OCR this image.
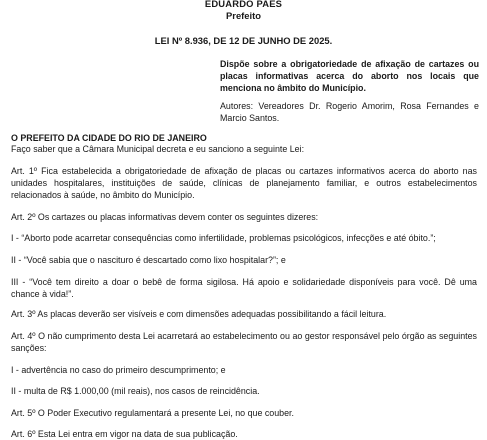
EDUARDO PAES
Prefeito
LEI Nº 8.936, DE 12 DE JUNHO DE 2025.
Dispõe sobre a obrigatoriedade de afixação de cartazes ou placas informativas acerca do aborto nos locais que menciona no âmbito do Município.
Autores: Vereadores Dr. Rogerio Amorim, Rosa Fernandes e Marcio Santos.

O PREFEITO DA CIDADE DO RIO DE JANEIRO

Faço saber que a Câmara Municipal decreta e eu sanciono a seguinte Lei:

Art. 1º Fica estabelecida a obrigatoriedade de afixação de placas ou cartazes informativos acerca do aborto nas unidades hospitalares, instituições de saúde, clínicas de planejamento familiar, e outros estabelecimentos relacionados à saúde, no âmbito do Município.

Art. 2º Os cartazes ou placas informativas devem conter os seguintes dizeres:

I - “Aborto pode acarretar consequências como infertilidade, problemas psicológicos, infecções e até óbito.”;

II - “Você sabia que o nascituro é descartado como lixo hospitalar?”; e

III - “Você tem direito a doar o bebê de forma sigilosa. Há apoio e solidariedade disponíveis para você. Dê uma chance à vida!”.

Art. 3º As placas deverão ser visíveis e com dimensões adequadas possibilitando a fácil leitura.

Art. 4º O não cumprimento desta Lei acarretará ao estabelecimento ou ao gestor responsável pelo órgão as seguintes sanções:

I - advertência no caso do primeiro descumprimento; e

II - multa de R$ 1.000,00 (mil reais), nos casos de reincidência.

Art. 5º O Poder Executivo regulamentará a presente Lei, no que couber.

Art. 6º Esta Lei entra em vigor na data de sua publicação.
